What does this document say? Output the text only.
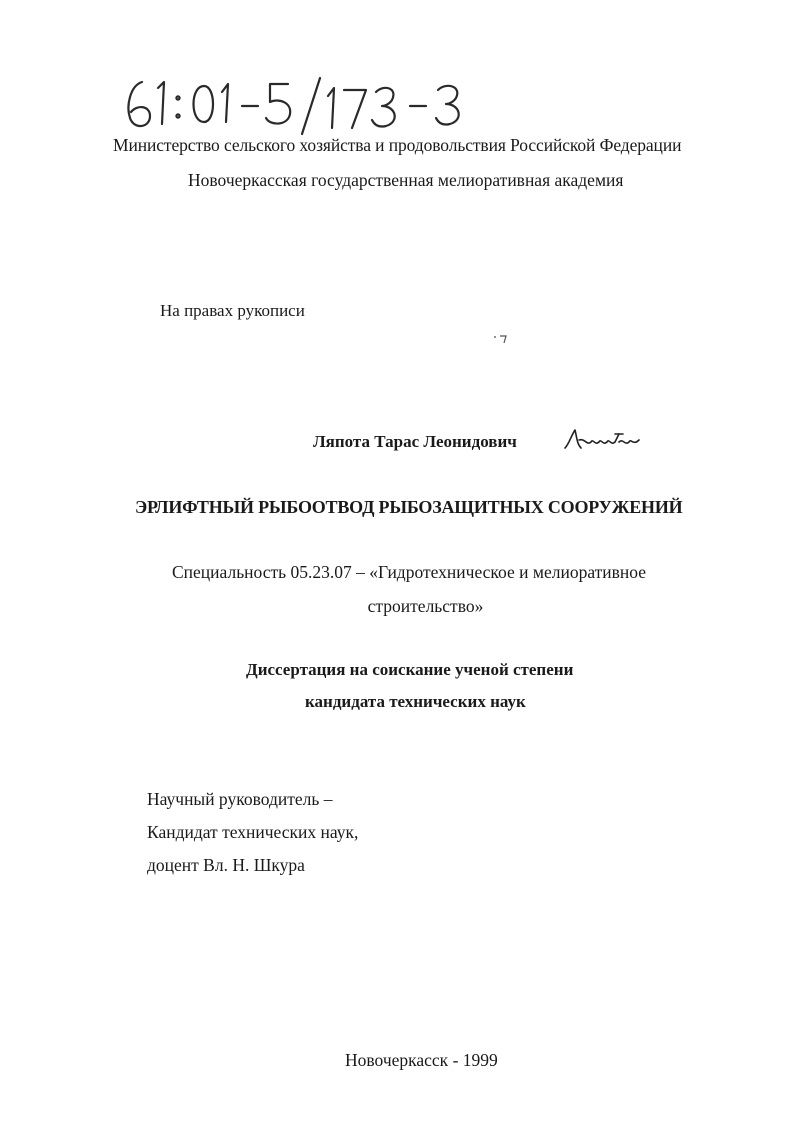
Министерство сельского хозяйства и продовольствия Российской Федерации
Новочеркасская государственная мелиоративная академия
На правах рукописи
Ляпота Тарас Леонидович
ЭРЛИФТНЫЙ РЫБООТВОД РЫБОЗАЩИТНЫХ СООРУЖЕНИЙ
Специальность 05.23.07 – «Гидротехническое и мелиоративное
строительство»
Диссертация на соискание ученой степени
кандидата технических наук
Научный руководитель –
Кандидат технических наук,
доцент Вл. Н. Шкура
Новочеркасск - 1999
